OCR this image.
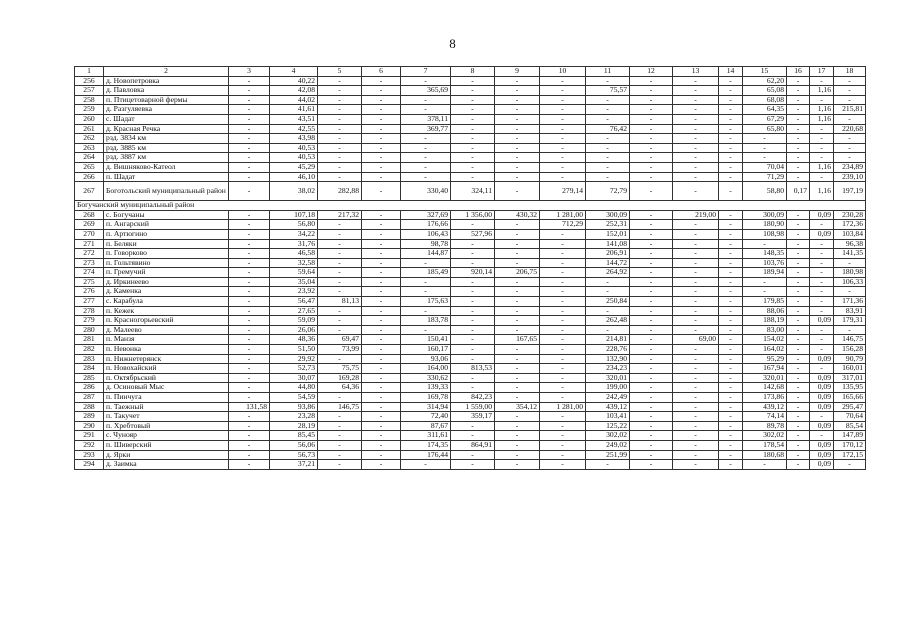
8
1	2	3	4	5	6	7	8	9	10	11	12	13	14	15	16	17	18
256	д. Новопетровка	-	40,22	-	-	-	-	-	-	-	-	-	-	62,20	-	-	-
257	д. Павловка	-	42,08	-	-	365,69	-	-	-	75,57	-	-	-	65,08	-	1,16	-
258	п. Птицетоварной фермы	-	44,02	-	-	-	-	-	-	-	-	-	-	68,08	-	-	-
259	д. Разгуляевка	-	41,61	-	-	-	-	-	-	-	-	-	-	64,35	-	1,16	215,81
260	с. Шадат	-	43,51	-	-	378,11	-	-	-	-	-	-	-	67,29	-	1,16	-
261	д. Красная Речка	-	42,55	-	-	369,77	-	-	-	76,42	-	-	-	65,80	-	-	220,68
262	рзд. 3834 км	-	43,98	-	-	-	-	-	-	-	-	-	-	-	-	-	-
263	рзд. 3885 км	-	40,53	-	-	-	-	-	-	-	-	-	-	-	-	-	-
264	рзд. 3887 км	-	40,53	-	-	-	-	-	-	-	-	-	-	-	-	-	-
265	д. Вишняково-Катеол	-	45,29	-	-	-	-	-	-	-	-	-	-	70,04	-	1,16	234,89
266	п. Шадат	-	46,10	-	-	-	-	-	-	-	-	-	-	71,29	-	-	239,10
267	Боготольский муниципальный район	-	38,02	282,88	-	330,40	324,11	-	279,14	72,79	-	-	-	58,80	0,17	1,16	197,19
Богучанский муниципальный район																	
268	с. Богучаны	-	107,18	217,32	-	327,69	1 356,00	430,32	1 281,00	300,09	-	219,00	-	300,09	-	0,09	230,28
269	п. Ангарский	-	56,80	-	-	176,66	-	-	712,29	252,31	-	-	-	180,90	-	-	172,36
270	п. Артюгино	-	34,22	-	-	106,43	527,96	-	-	152,01	-	-	-	108,98	-	0,09	103,84
271	п. Беляки	-	31,76	-	-	98,78	-	-	-	141,08	-	-	-	-	-	-	96,38
272	п. Говорково	-	46,58	-	-	144,87	-	-	-	206,91	-	-	-	148,35	-	-	141,35
273	п. Гольтявино	-	32,58	-	-	-	-	-	-	144,72	-	-	-	103,76	-	-	-
274	п. Гремучий	-	59,64	-	-	185,49	920,14	206,75	-	264,92	-	-	-	189,94	-	-	180,98
275	д. Иркинеево	-	35,04	-	-	-	-	-	-	-	-	-	-	-	-	-	106,33
276	д. Каменка	-	23,92	-	-	-	-	-	-	-	-	-	-	-	-	-	-
277	с. Карабула	-	56,47	81,13	-	175,63	-	-	-	250,84	-	-	-	179,85	-	-	171,36
278	п. Кежек	-	27,65	-	-	-	-	-	-	-	-	-	-	88,06	-	-	83,91
279	п. Красногорьевский	-	59,09	-	-	183,78	-	-	-	262,48	-	-	-	188,19	-	0,09	179,31
280	д. Малеево	-	26,06	-	-	-	-	-	-	-	-	-	-	83,00	-	-	-
281	п. Манзя	-	48,36	69,47	-	150,41	-	167,65	-	214,81	-	69,00	-	154,02	-	-	146,75
282	п. Невонка	-	51,50	73,99	-	160,17	-	-	-	228,76	-	-	-	164,02	-	-	156,28
283	п. Нижнетерянск	-	29,92	-	-	93,06	-	-	-	132,90	-	-	-	95,29	-	0,09	90,79
284	п. Новохайский	-	52,73	75,75	-	164,00	813,53	-	-	234,23	-	-	-	167,94	-	-	160,01
285	п. Октябрьский	-	30,07	169,28	-	330,62	-	-	-	320,01	-	-	-	320,01	-	0,09	317,01
286	д. Осиновый Мыс	-	44,80	64,36	-	139,33	-	-	-	199,00	-	-	-	142,68	-	0,09	135,95
287	п. Пинчуга	-	54,59	-	-	169,78	842,23	-	-	242,49	-	-	-	173,86	-	0,09	165,66
288	п. Таежный	131,58	93,86	146,75	-	314,94	1 559,00	354,12	1 281,00	439,12	-	-	-	439,12	-	0,09	295,47
289	п. Такучет	-	23,28	-	-	72,40	359,17	-	-	103,41	-	-	-	74,14	-	-	70,64
290	п. Хребтовый	-	28,19	-	-	87,67	-	-	-	125,22	-	-	-	89,78	-	0,09	85,54
291	с. Чунояр	-	85,45	-	-	311,61	-	-	-	302,02	-	-	-	302,02	-	-	147,89
292	п. Шиверский	-	56,06	-	-	174,35	864,91	-	-	249,02	-	-	-	178,54	-	0,09	170,12
293	д. Ярки	-	56,73	-	-	176,44	-	-	-	251,99	-	-	-	180,68	-	0,09	172,15
294	д. Заимка	-	37,21	-	-	-	-	-	-	-	-	-	-	-	-	0,09	-
